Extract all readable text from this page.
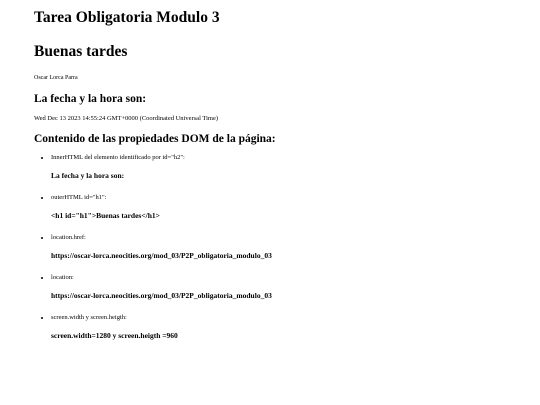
Tarea Obligatoria Modulo 3
Buenas tardes

Oscar Lorca Parra

La fecha y la hora son:

Wed Dec 13 2023 14:55:24 GMT+0000 (Coordinated Universal Time)

Contenido de las propiedades DOM de la página:
• InnerHTML del elemento identificado por id="h2":
La fecha y la hora son:
• outerHTML id="h1":
<h1 id="h1">Buenas tardes</h1>
• location.href:
https://oscar-lorca.neocities.org/mod_03/P2P_obligatoria_modulo_03
• location:
https://oscar-lorca.neocities.org/mod_03/P2P_obligatoria_modulo_03
• screen.width y screen.heigth:
screen.width=1280 y screen.heigth =960
